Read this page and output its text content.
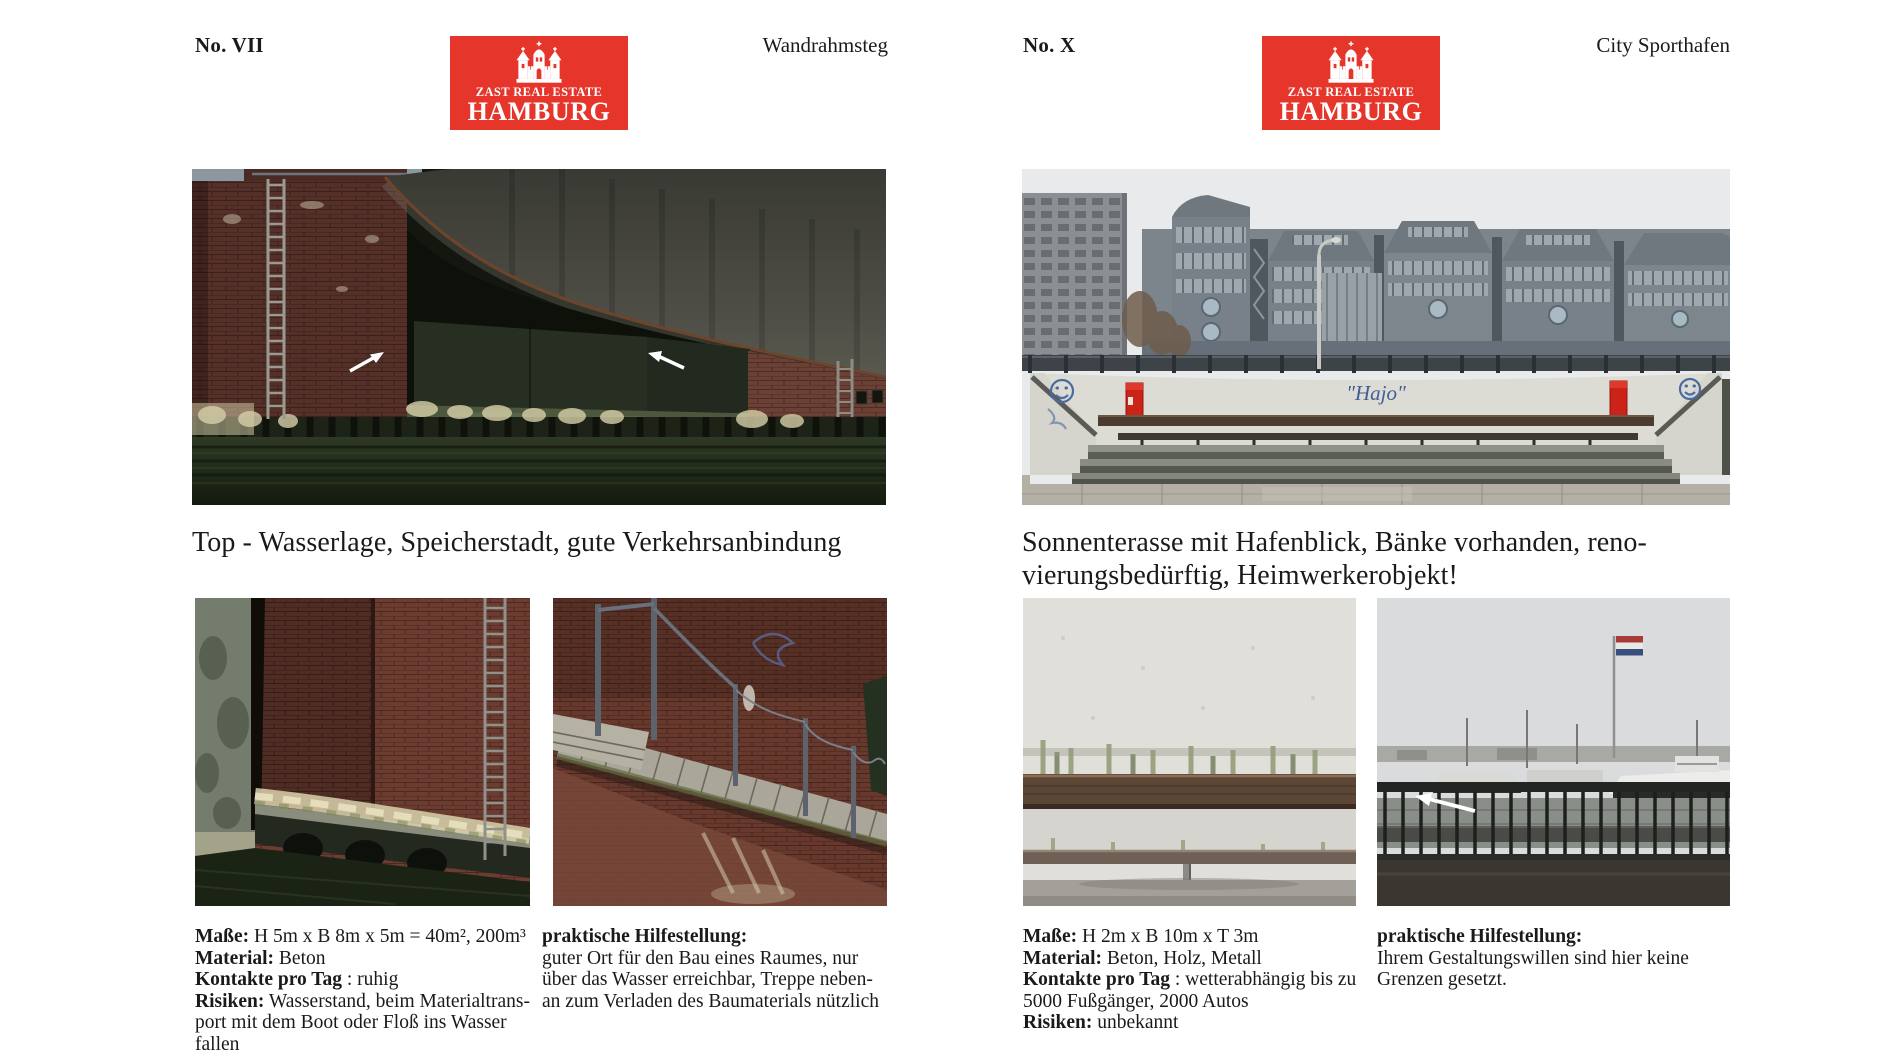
No. VII
ZAST REAL ESTATE
HAMBURG
Wandrahmsteg
Top - Wasserlage, Speicherstadt, gute Verkehrsanbindung
Maße: H 5m x B 8m x 5m = 40m², 200m³
Material: Beton
Kontakte pro Tag : ruhig
Risiken: Wasserstand, beim Materialtrans-port mit dem Boot oder Floß ins Wasser fallen
praktische Hilfestellung:
guter Ort für den Bau eines Raumes, nur
über das Wasser erreichbar, Treppe neben-
an zum Verladen des Baumaterials nützlich
No. X
ZAST REAL ESTATE
HAMBURG
City Sporthafen
"Hajo"
Sonnenterasse mit Hafenblick, Bänke vorhanden, reno-
vierungsbedürftig, Heimwerkerobjekt!
Maße: H 2m x B 10m x T 3m
Material: Beton, Holz, Metall
Kontakte pro Tag : wetterabhängig bis zu 5000 Fußgänger, 2000 Autos
Risiken: unbekannt
praktische Hilfestellung:
Ihrem Gestaltungswillen sind hier keine
Grenzen gesetzt.
